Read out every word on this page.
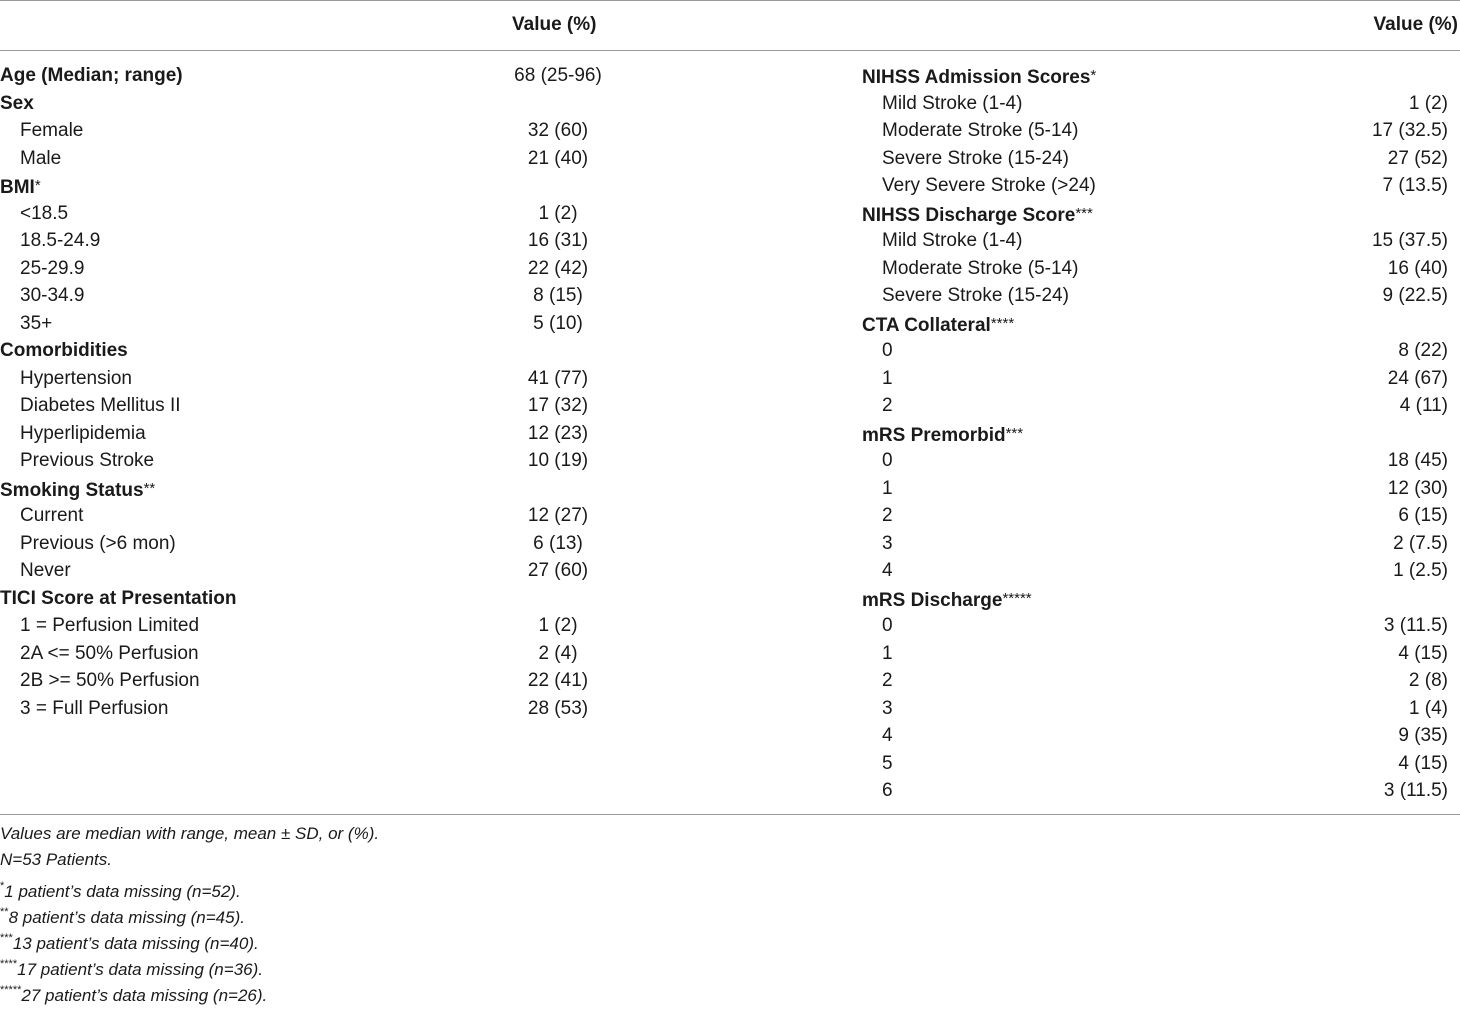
Value (%)	Value (%)
Age (Median; range)	68 (25-96)
Sex
Female	32 (60)
Male	21 (40)
BMI*
<18.5	1 (2)
18.5-24.9	16 (31)
25-29.9	22 (42)
30-34.9	8 (15)
35+	5 (10)
Comorbidities
Hypertension	41 (77)
Diabetes Mellitus II	17 (32)
Hyperlipidemia	12 (23)
Previous Stroke	10 (19)
Smoking Status**
Current	12 (27)
Previous (>6 mon)	6 (13)
Never	27 (60)
TICI Score at Presentation
1 = Perfusion Limited	1 (2)
2A <= 50% Perfusion	2 (4)
2B >= 50% Perfusion	22 (41)
3 = Full Perfusion	28 (53)
NIHSS Admission Scores*
Mild Stroke (1-4)	1 (2)
Moderate Stroke (5-14)	17 (32.5)
Severe Stroke (15-24)	27 (52)
Very Severe Stroke (>24)	7 (13.5)
NIHSS Discharge Score***
Mild Stroke (1-4)	15 (37.5)
Moderate Stroke (5-14)	16 (40)
Severe Stroke (15-24)	9 (22.5)
CTA Collateral****
0	8 (22)
1	24 (67)
2	4 (11)
mRS Premorbid***
0	18 (45)
1	12 (30)
2	6 (15)
3	2 (7.5)
4	1 (2.5)
mRS Discharge*****
0	3 (11.5)
1	4 (15)
2	2 (8)
3	1 (4)
4	9 (35)
5	4 (15)
6	3 (11.5)
Values are median with range, mean ± SD, or (%).
N=53 Patients.
*1 patient’s data missing (n=52).
**8 patient’s data missing (n=45).
***13 patient’s data missing (n=40).
****17 patient’s data missing (n=36).
*****27 patient’s data missing (n=26).
